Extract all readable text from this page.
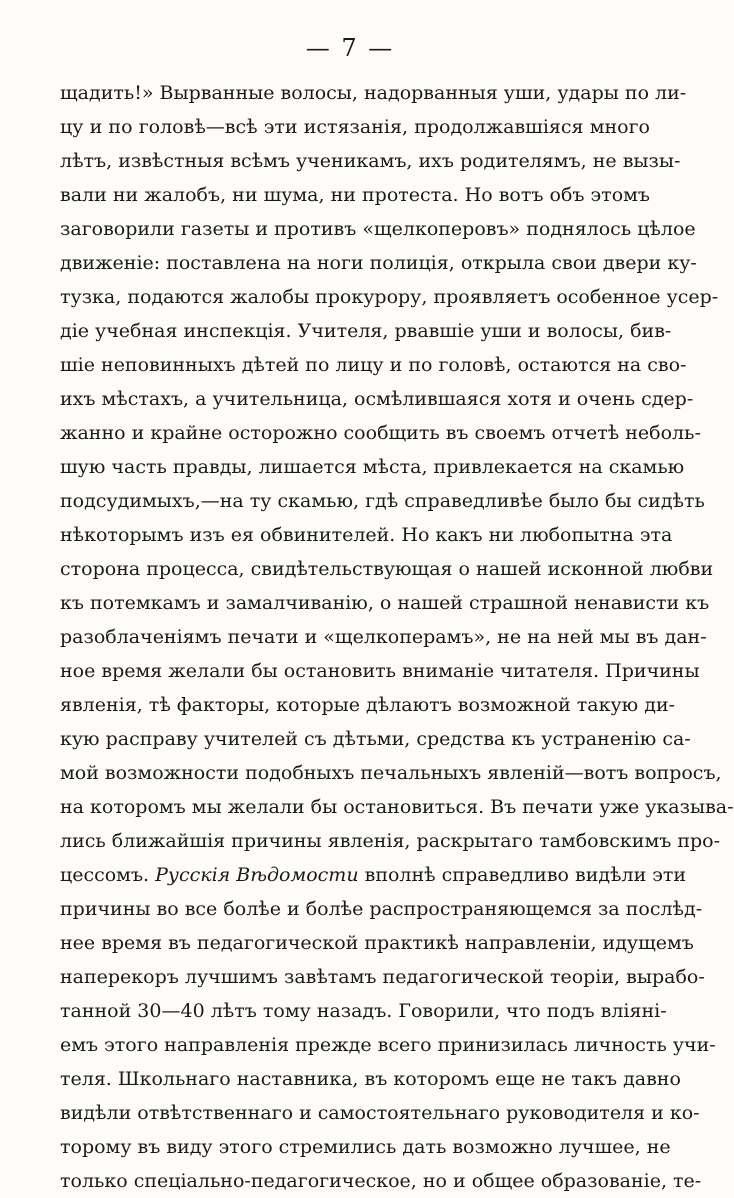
— 7 —
щадить!» Вырванные волосы, надорванныя уши, удары по ли-
цу и по головѣ—всѣ эти истязанія, продолжавшіяся много
лѣтъ, извѣстныя всѣмъ ученикамъ, ихъ родителямъ, не вызы-
вали ни жалобъ, ни шума, ни протеста. Но вотъ объ этомъ
заговорили газеты и противъ «щелкоперовъ» поднялось цѣлое
движеніе: поставлена на ноги полиція, открыла свои двери ку-
тузка, подаются жалобы прокурору, проявляетъ особенное усер-
діе учебная инспекція. Учителя, рвавшіе уши и волосы, бив-
шіе неповинныхъ дѣтей по лицу и по головѣ, остаются на сво-
ихъ мѣстахъ, а учительница, осмѣлившаяся хотя и очень сдер-
жанно и крайне осторожно сообщить въ своемъ отчетѣ неболь-
шую часть правды, лишается мѣста, привлекается на скамью
подсудимыхъ,—на ту скамью, гдѣ справедливѣе было бы сидѣть
нѣкоторымъ изъ ея обвинителей. Но какъ ни любопытна эта
сторона процесса, свидѣтельствующая о нашей исконной любви
къ потемкамъ и замалчиванію, о нашей страшной ненависти къ
разоблаченіямъ печати и «щелкоперамъ», не на ней мы въ дан-
ное время желали бы остановить вниманіе читателя. Причины
явленія, тѣ факторы, которые дѣлаютъ возможной такую ди-
кую расправу учителей съ дѣтьми, средства къ устраненію са-
мой возможности подобныхъ печальныхъ явленій—вотъ вопросъ,
на которомъ мы желали бы остановиться. Въ печати уже указыва-
лись ближайшія причины явленія, раскрытаго тамбовскимъ про-
цессомъ. Русскія Вѣдомости вполнѣ справедливо видѣли эти
причины во все болѣе и болѣе распространяющемся за послѣд-
нее время въ педагогической практикѣ направленіи, идущемъ
наперекоръ лучшимъ завѣтамъ педагогической теоріи, вырабо-
танной 30—40 лѣтъ тому назадъ. Говорили, что подъ вліяні-
емъ этого направленія прежде всего принизилась личность учи-
теля. Школьнаго наставника, въ которомъ еще не такъ давно
видѣли отвѣтственнаго и самостоятельнаго руководителя и ко-
торому въ виду этого стремились дать возможно лучшее, не
только спеціально-педагогическое, но и общее образованіе, те-
